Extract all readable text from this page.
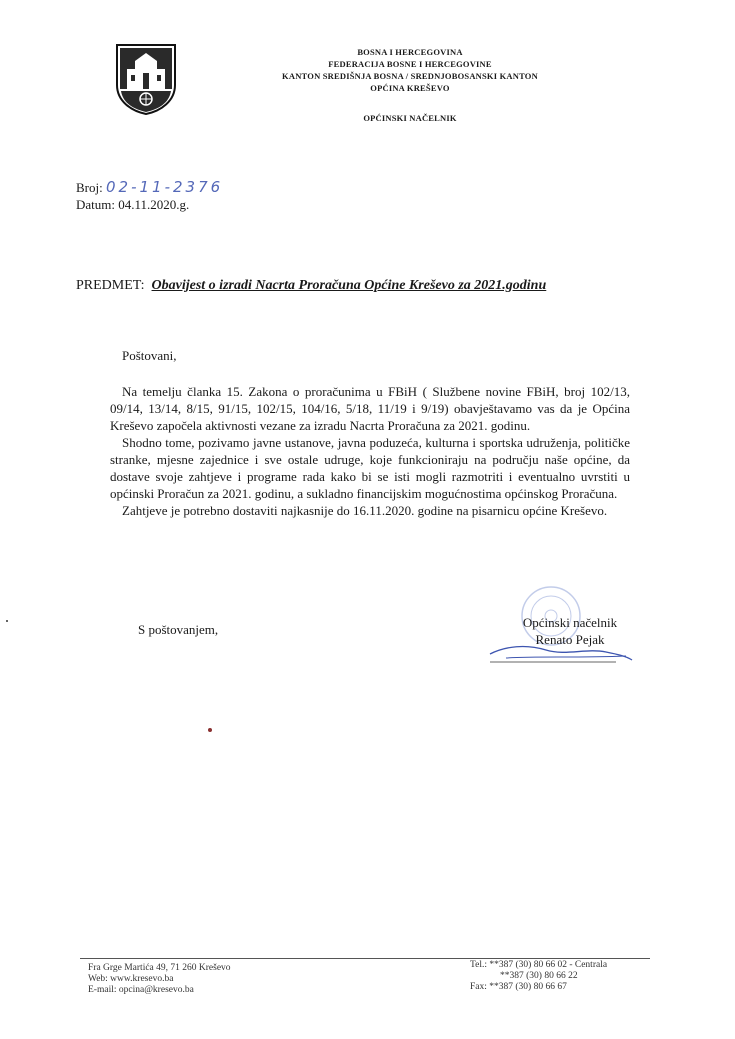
BOSNA I HERCEGOVINA
FEDERACIJA BOSNE I HERCEGOVINE
KANTON SREDIŠNJA BOSNA / SREDNJOBOSANSKI KANTON
OPĆINA KREŠEVO
OPĆINSKI NAČELNIK
Broj: 02-11-2376
Datum: 04.11.2020.g.
PREDMET: Obavijest o izradi Nacrta Proračuna Općine Kreševo za 2021.godinu

Poštovani,

Na temelju članka 15. Zakona o proračunima u FBiH ( Službene novine FBiH, broj 102/13, 09/14, 13/14, 8/15, 91/15, 102/15, 104/16, 5/18, 11/19 i 9/19) obavještavamo vas da je Općina Kreševo započela aktivnosti vezane za izradu Nacrta Proračuna za 2021. godinu.

Shodno tome, pozivamo javne ustanove, javna poduzeća, kulturna i sportska udruženja, političke stranke, mjesne zajednice i sve ostale udruge, koje funkcioniraju na području naše općine, da dostave svoje zahtjeve i programe rada kako bi se isti mogli razmotriti i eventualno uvrstiti u općinski Proračun za 2021. godinu, a sukladno financijskim mogućnostima općinskog Proračuna.

Zahtjeve je potrebno dostaviti najkasnije do 16.11.2020. godine na pisarnicu općine Kreševo.

S poštovanjem,	Općinski načelnik
Renato Pejak
Fra Grge Martića 49, 71 260 Kreševo
Web: www.kresevo.ba
E-mail: opcina@kresevo.ba
Tel.: **387 (30) 80 66 02 - Centrala
**387 (30) 80 66 22
Fax: **387 (30) 80 66 67
